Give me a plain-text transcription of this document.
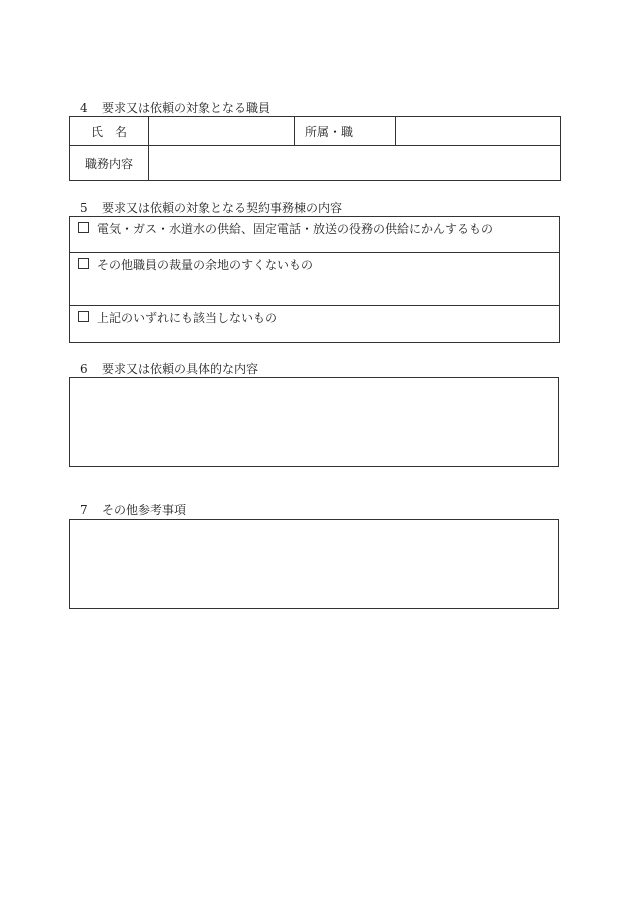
4 要求又は依頼の対象となる職員
氏　名		所属・職	
職務内容			
5 要求又は依頼の対象となる契約事務棟の内容
電気・ガス・水道水の供給、固定電話・放送の役務の供給にかんするもの
その他職員の裁量の余地のすくないもの
上記のいずれにも該当しないもの
6 要求又は依頼の具体的な内容
7 その他参考事項
